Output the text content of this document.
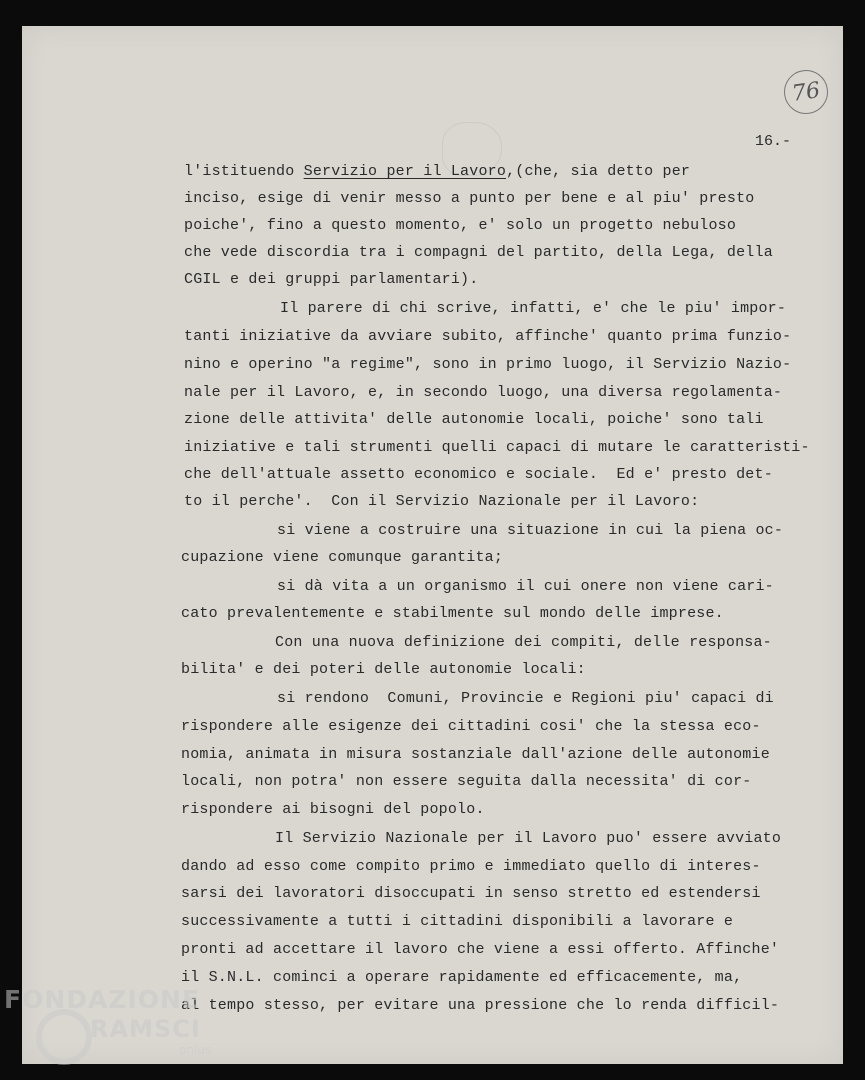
76
16.-
l'istituendo Servizio per il Lavoro,(che, sia detto per
inciso, esige di venir messo a punto per bene e al piu' presto
poiche', fino a questo momento, e' solo un progetto nebuloso
che vede discordia tra i compagni del partito, della Lega, della
CGIL e dei gruppi parlamentari).
Il parere di chi scrive, infatti, e' che le piu' impor-
tanti iniziative da avviare subito, affinche' quanto prima funzio-
nino e operino "a regime", sono in primo luogo, il Servizio Nazio-
nale per il Lavoro, e, in secondo luogo, una diversa regolamenta-
zione delle attivita' delle autonomie locali, poiche' sono tali
iniziative e tali strumenti quelli capaci di mutare le caratteristi-
che dell'attuale assetto economico e sociale.  Ed e' presto det-
to il perche'.  Con il Servizio Nazionale per il Lavoro:
si viene a costruire una situazione in cui la piena oc-
cupazione viene comunque garantita;
si dà vita a un organismo il cui onere non viene cari-
cato prevalentemente e stabilmente sul mondo delle imprese.
Con una nuova definizione dei compiti, delle responsa-
bilita' e dei poteri delle autonomie locali:
si rendono  Comuni, Provincie e Regioni piu' capaci di
rispondere alle esigenze dei cittadini cosi' che la stessa eco-
nomia, animata in misura sostanziale dall'azione delle autonomie
locali, non potra' non essere seguita dalla necessita' di cor-
rispondere ai bisogni del popolo.
Il Servizio Nazionale per il Lavoro puo' essere avviato
dando ad esso come compito primo e immediato quello di interes-
sarsi dei lavoratori disoccupati in senso stretto ed estendersi
successivamente a tutti i cittadini disponibili a lavorare e
pronti ad accettare il lavoro che viene a essi offerto. Affinche'
il S.N.L. cominci a operare rapidamente ed efficacemente, ma,
al tempo stesso, per evitare una pressione che lo renda difficil-
FONDAZIONE
RAMSCI
onlus
